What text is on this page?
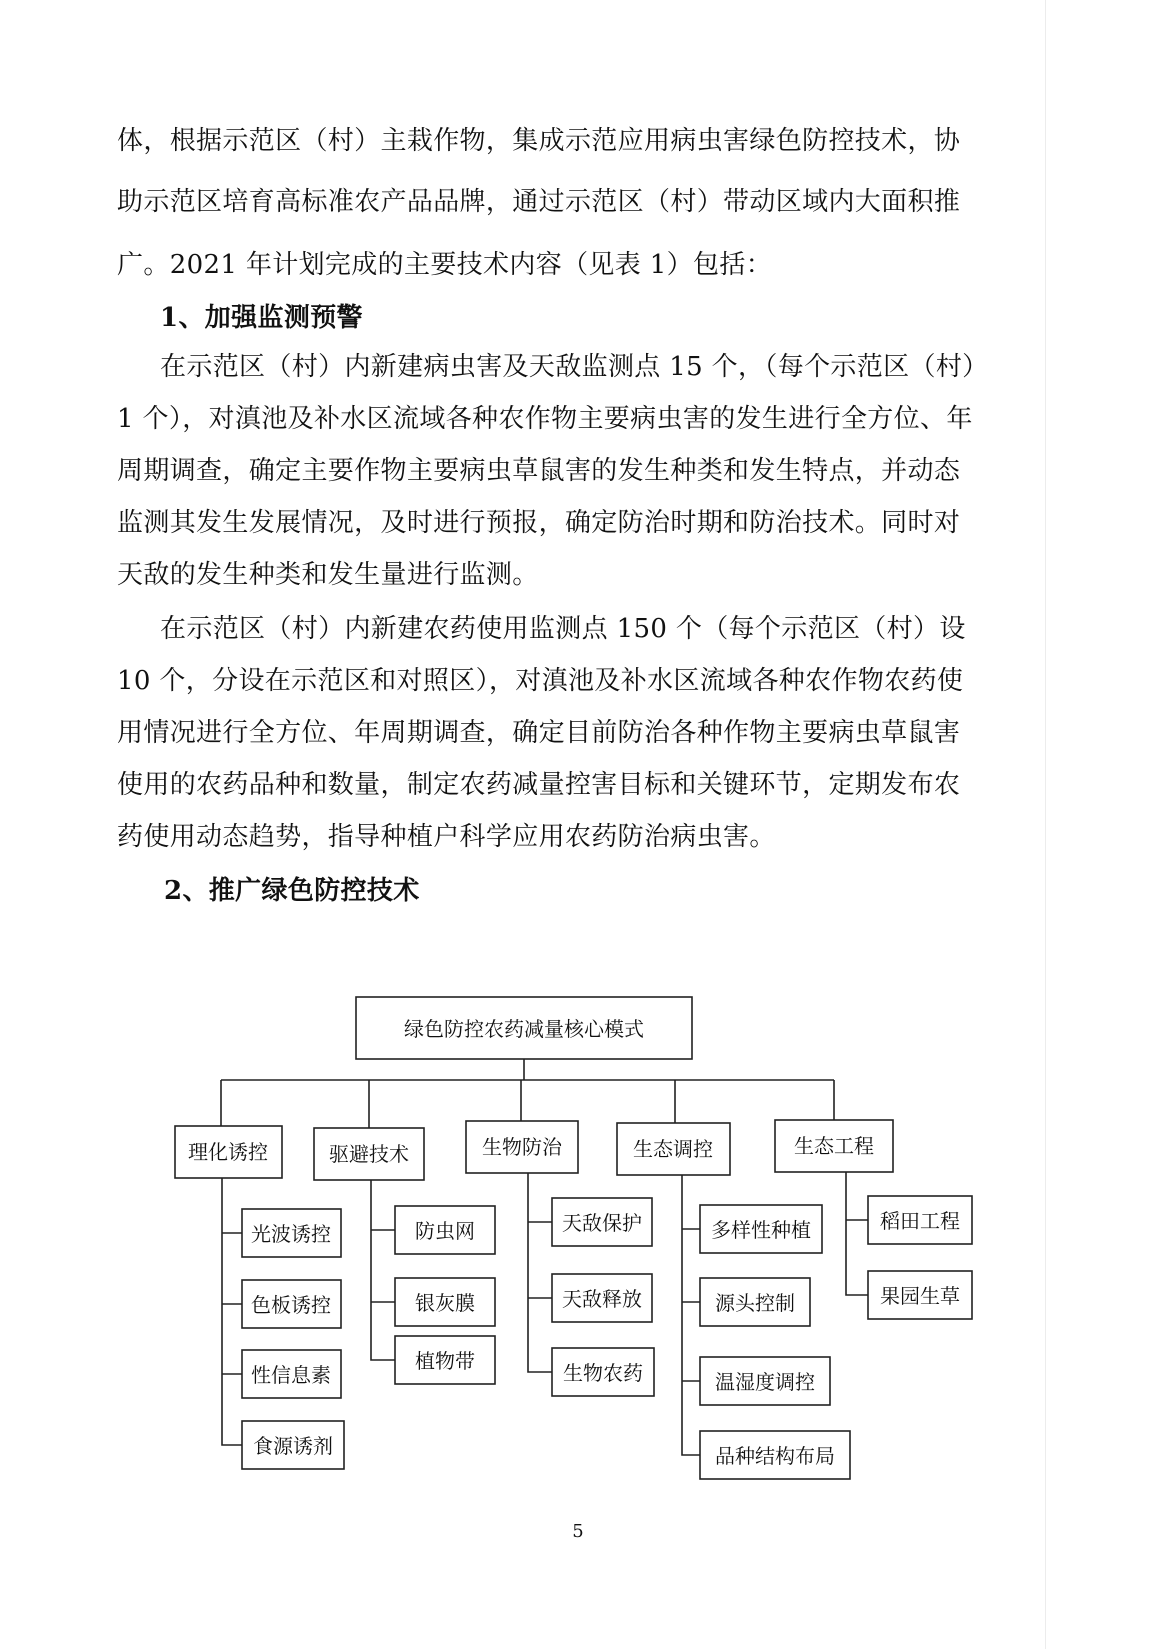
体，根据示范区（村）主栽作物，集成示范应用病虫害绿色防控技术，协
助示范区培育高标准农产品品牌，通过示范区（村）带动区域内大面积推
广。2021 年计划完成的主要技术内容（见表 1）包括：
1、加强监测预警
在示范区（村）内新建病虫害及天敌监测点 15 个，（每个示范区（村）
1 个），对滇池及补水区流域各种农作物主要病虫害的发生进行全方位、年
周期调查，确定主要作物主要病虫草鼠害的发生种类和发生特点，并动态
监测其发生发展情况，及时进行预报，确定防治时期和防治技术。同时对
天敌的发生种类和发生量进行监测。
在示范区（村）内新建农药使用监测点 150 个（每个示范区（村）设
10 个，分设在示范区和对照区），对滇池及补水区流域各种农作物农药使
用情况进行全方位、年周期调查，确定目前防治各种作物主要病虫草鼠害
使用的农药品种和数量，制定农药减量控害目标和关键环节，定期发布农
药使用动态趋势，指导种植户科学应用农药防治病虫害。
2、推广绿色防控技术
绿色防控农药减量核心模式
理化诱控
光波诱控
色板诱控
性信息素
食源诱剂
驱避技术
防虫网
银灰膜
植物带
生物防治
天敌保护
天敌释放
生物农药
生态调控
多样性种植
源头控制
温湿度调控
品种结构布局
生态工程
稻田工程
果园生草
5
